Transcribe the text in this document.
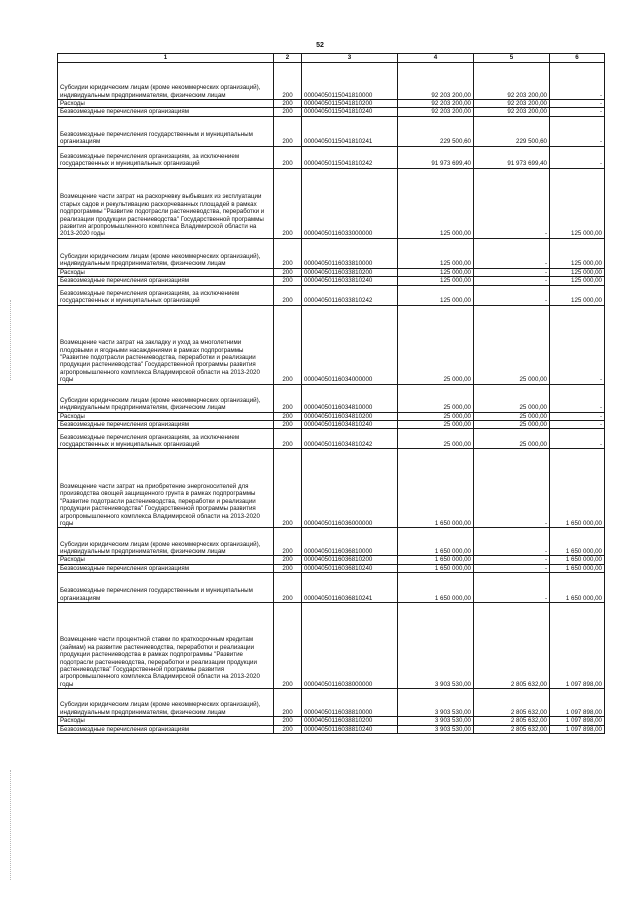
52
1	2	3	4	5	6
Субсидии юридическим лицам (кроме некоммерческих организаций), индивидуальным предпринимателям, физическим лицам	200	00004050115041810000	92 203 200,00	92 203 200,00	-
Расходы	200	00004050115041810200	92 203 200,00	92 203 200,00	-
Безвозмездные перечисления организациям	200	00004050115041810240	92 203 200,00	92 203 200,00	-
Безвозмездные перечисления государственным и муниципальным организациям	200	00004050115041810241	229 500,60	229 500,60	-
Безвозмездные перечисления организациям, за исключением государственных и муниципальных организаций	200	00004050115041810242	91 973 699,40	91 973 699,40	-
Возмещение части затрат на раскорчевку выбывших из эксплуатации старых садов и рекультивацию раскорчеванных площадей в рамках подпрограммы "Развитие подотрасли растениеводства, переработки и реализации продукции растениеводства" Государственной программы развития агропромышленного комплекса Владимирской области на 2013-2020 годы	200	00004050116033000000	125 000,00	-	125 000,00
Субсидии юридическим лицам (кроме некоммерческих организаций), индивидуальным предпринимателям, физическим лицам	200	00004050116033810000	125 000,00	-	125 000,00
Расходы	200	00004050116033810200	125 000,00	-	125 000,00
Безвозмездные перечисления организациям	200	00004050116033810240	125 000,00	-	125 000,00
Безвозмездные перечисления организациям, за исключением государственных и муниципальных организаций	200	00004050116033810242	125 000,00	-	125 000,00
Возмещение части затрат на закладку и уход за многолетними плодовыми и ягодными насаждениями в рамках подпрограммы "Развитие подотрасли растениеводства, переработки и реализации продукции растениеводства" Государственной программы развития агропромышленного комплекса Владимирской области на 2013-2020 годы	200	00004050116034000000	25 000,00	25 000,00	-
Субсидии юридическим лицам (кроме некоммерческих организаций), индивидуальным предпринимателям, физическим лицам	200	00004050116034810000	25 000,00	25 000,00	-
Расходы	200	00004050116034810200	25 000,00	25 000,00	-
Безвозмездные перечисления организациям	200	00004050116034810240	25 000,00	25 000,00	-
Безвозмездные перечисления организациям, за исключением государственных и муниципальных организаций	200	00004050116034810242	25 000,00	25 000,00	-
Возмещение части затрат на приобретение энергоносителей для производства овощей защищенного грунта в рамках подпрограммы "Развитие подотрасли растениеводства, переработки и реализации продукции растениеводства" Государственной программы развития агропромышленного комплекса Владимирской области на 2013-2020 годы	200	00004050116036000000	1 650 000,00	-	1 650 000,00
Субсидии юридическим лицам (кроме некоммерческих организаций), индивидуальным предпринимателям, физическим лицам	200	00004050116036810000	1 650 000,00	-	1 650 000,00
Расходы	200	00004050116036810200	1 650 000,00	-	1 650 000,00
Безвозмездные перечисления организациям	200	00004050116036810240	1 650 000,00	-	1 650 000,00
Безвозмездные перечисления государственным и муниципальным организациям	200	00004050116036810241	1 650 000,00	-	1 650 000,00
Возмещение части процентной ставки по краткосрочным кредитам (займам) на развитие растениеводства, переработки и реализации продукции растениеводства в рамках подпрограммы "Развитие подотрасли растениеводства, переработки и реализации продукции растениеводства" Государственной программы развития агропромышленного комплекса Владимирской области на 2013-2020 годы	200	00004050116038000000	3 903 530,00	2 805 632,00	1 097 898,00
Субсидии юридическим лицам (кроме некоммерческих организаций), индивидуальным предпринимателям, физическим лицам	200	00004050116038810000	3 903 530,00	2 805 632,00	1 097 898,00
Расходы	200	00004050116038810200	3 903 530,00	2 805 632,00	1 097 898,00
Безвозмездные перечисления организациям	200	00004050116038810240	3 903 530,00	2 805 632,00	1 097 898,00
